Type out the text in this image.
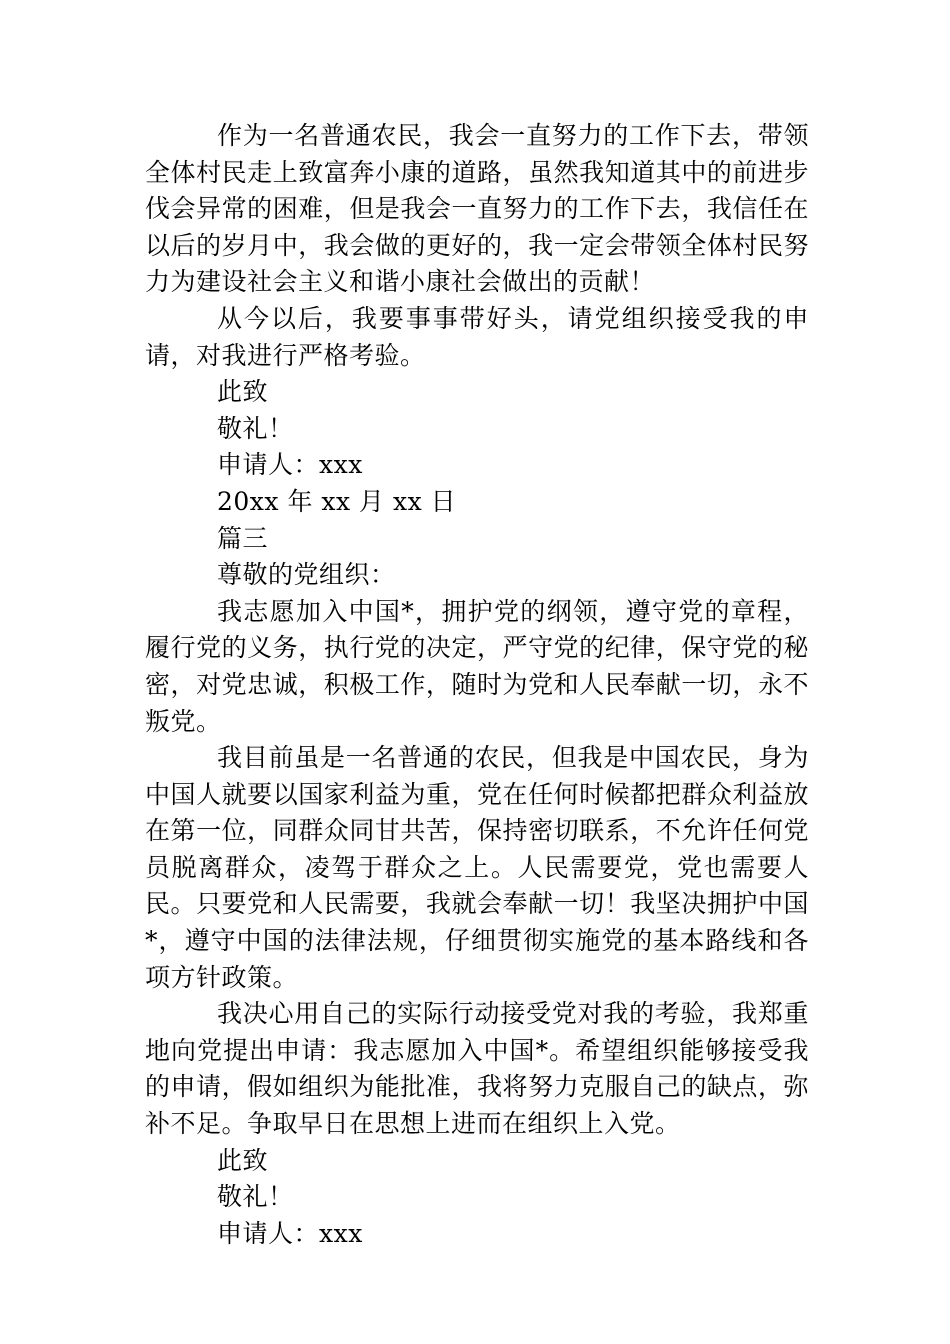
作为一名普通农民，我会一直努力的工作下去，带领全体村民走上致富奔小康的道路，虽然我知道其中的前进步伐会异常的困难，但是我会一直努力的工作下去，我信任在以后的岁月中，我会做的更好的，我一定会带领全体村民努力为建设社会主义和谐小康社会做出的贡献！

从今以后，我要事事带好头，请党组织接受我的申请，对我进行严格考验。

此致

敬礼！

申请人：xxx

20xx 年 xx 月 xx 日

篇三

尊敬的党组织：

我志愿加入中国*，拥护党的纲领，遵守党的章程，履行党的义务，执行党的决定，严守党的纪律，保守党的秘密，对党忠诚，积极工作，随时为党和人民奉献一切，永不叛党。

我目前虽是一名普通的农民，但我是中国农民，身为中国人就要以国家利益为重，党在任何时候都把群众利益放在第一位，同群众同甘共苦，保持密切联系，不允许任何党员脱离群众，凌驾于群众之上。人民需要党，党也需要人民。只要党和人民需要，我就会奉献一切！我坚决拥护中国*，遵守中国的法律法规，仔细贯彻实施党的基本路线和各项方针政策。

我决心用自己的实际行动接受党对我的考验，我郑重地向党提出申请：我志愿加入中国*。希望组织能够接受我的申请，假如组织为能批准，我将努力克服自己的缺点，弥补不足。争取早日在思想上进而在组织上入党。

此致

敬礼！

申请人：xxx
